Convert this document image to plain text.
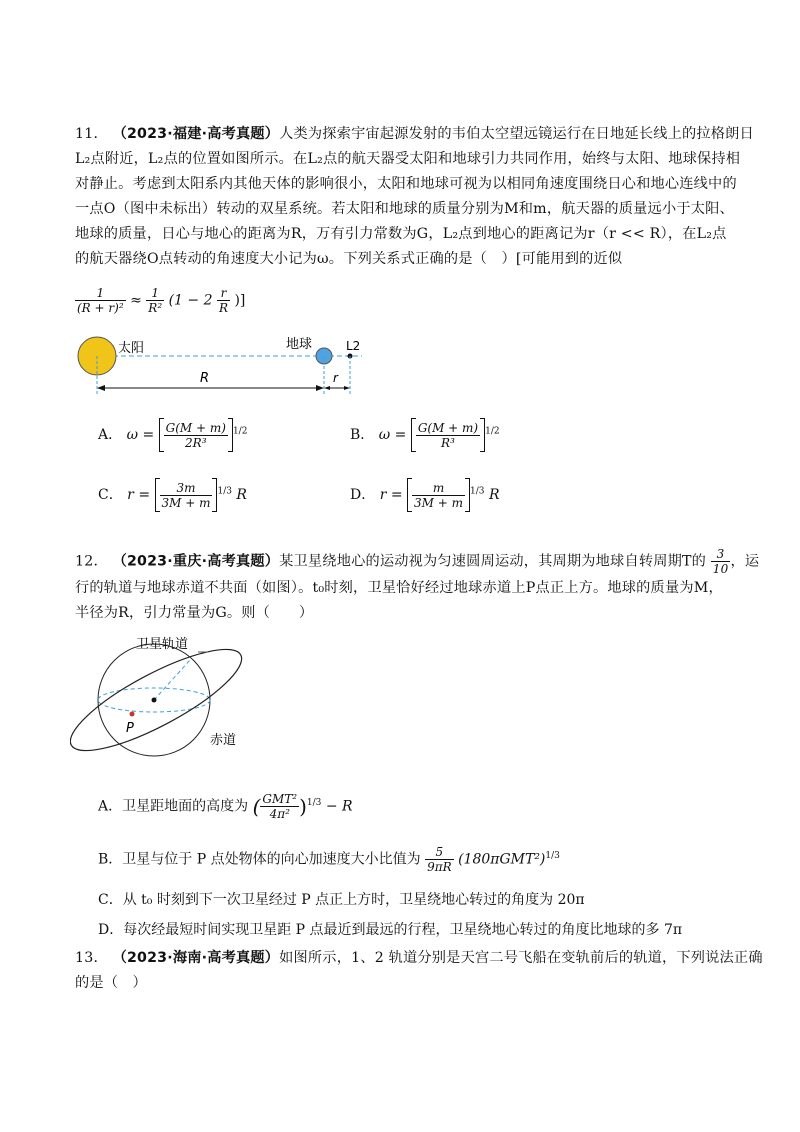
11． （2023·福建·高考真题）人类为探索宇宙起源发射的韦伯太空望远镜运行在日地延长线上的拉格朗日
L₂点附近，L₂点的位置如图所示。在L₂点的航天器受太阳和地球引力共同作用，始终与太阳、地球保持相
对静止。考虑到太阳系内其他天体的影响很小，太阳和地球可视为以相同角速度围绕日心和地心连线中的
一点O（图中未标出）转动的双星系统。若太阳和地球的质量分别为M和m，航天器的质量远小于太阳、
地球的质量，日心与地心的距离为R，万有引力常数为G，L₂点到地心的距离记为r（r << R），在L₂点
的航天器绕O点转动的角速度大小记为ω。下列关系式正确的是（　）[可能用到的近似
$\frac{1}{\text{(R + r)²}} \approx \frac{1}{\text{R²}} (1 - 2 \frac{r}{R}$ )]
太阳	地球	L2
R	r
A． $\omega = \frac{G(M + m)}{\text{2R³}} ^{1/2}$	B． $\omega = \frac{G(M + m)}{\text{R³}} ^{1/2}$
C． $r = \frac{3m}{3M + m} ^{1/3}$ R	D． $r = \frac{m}{3M + m} ^{1/3}$ R
12． （2023·重庆·高考真题）某卫星绕地心的运动视为匀速圆周运动，其周期为地球自转周期T的 $\frac{3}{10}$ ，运
行的轨道与地球赤道不共面（如图）。t₀时刻，卫星恰好经过地球赤道上P点正上方。地球的质量为M，
半径为R，引力常量为G。则（　　）
卫星轨道
赤道
P
A．卫星距地面的高度为 ( $\frac{\text{GMT²}}{\text{4π²}} )^{1/3} - R$
B．卫星与位于 P 点处物体的向心加速度大小比值为 $\frac{5}{9\pi R} (180\pi GMT^2)^{1/3}$
C．从 t₀ 时刻到下一次卫星经过 P 点正上方时，卫星绕地心转过的角度为 20π
D．每次经最短时间实现卫星距 P 点最近到最远的行程，卫星绕地心转过的角度比地球的多 7π
13． （2023·海南·高考真题）如图所示，1、2 轨道分别是天宫二号飞船在变轨前后的轨道，下列说法正确
的是（　）
